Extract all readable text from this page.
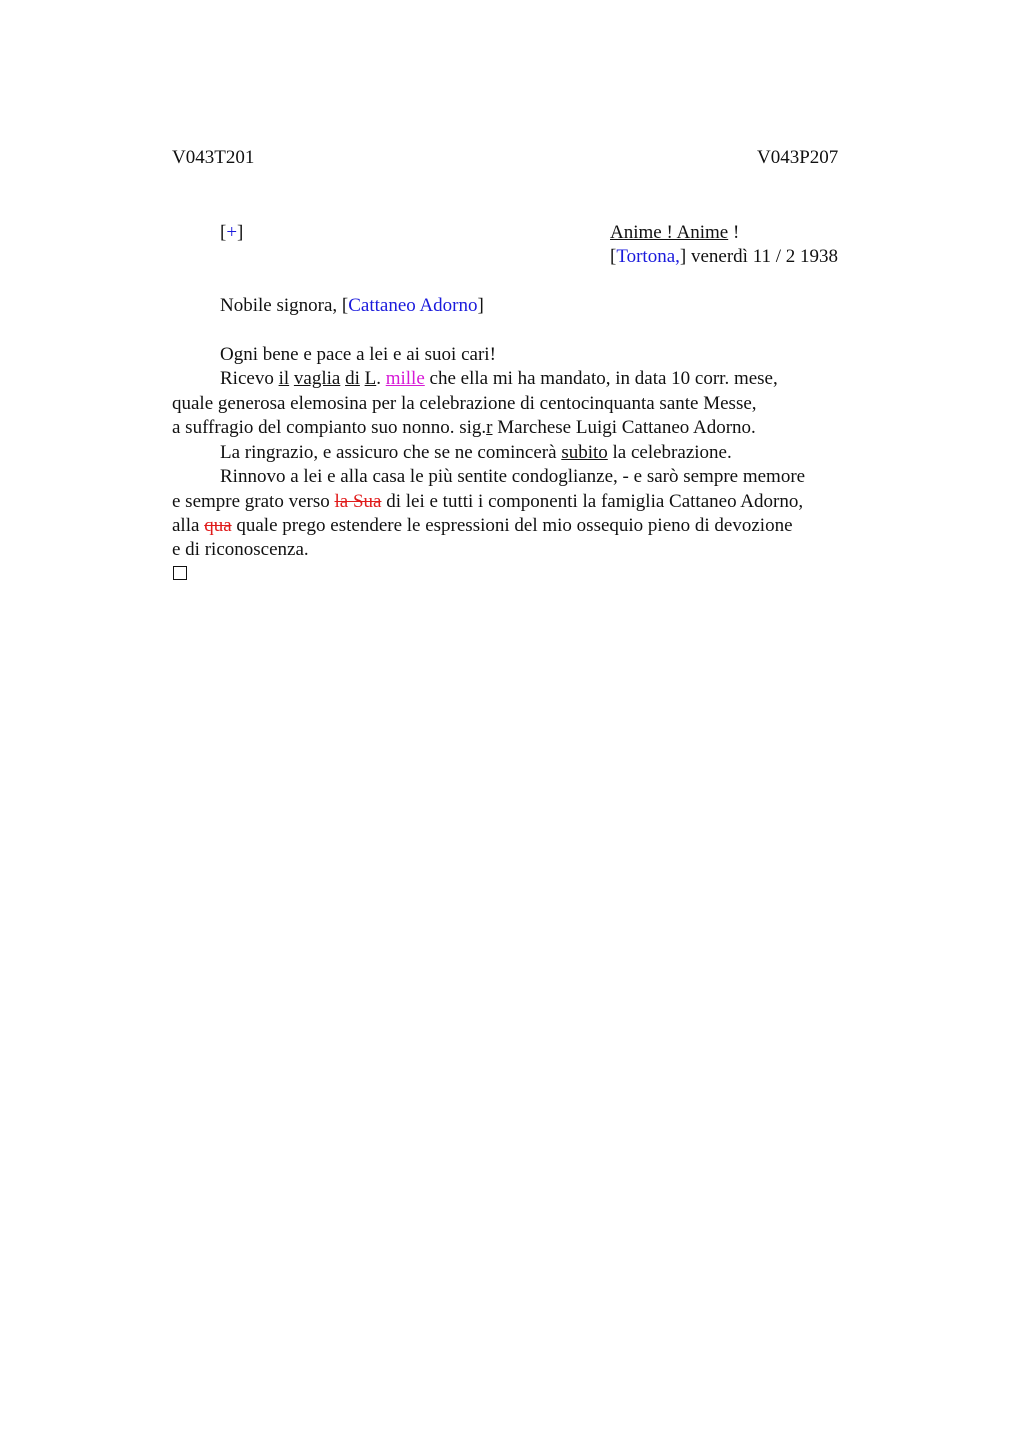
V043T201	V043P207
[+]	Anime ! Anime !
[Tortona,] venerdì 11 / 2 1938
Nobile signora, [Cattaneo Adorno]
Ogni bene e pace a lei e ai suoi cari!
Ricevo il vaglia di L. mille che ella mi ha mandato, in data 10 corr. mese,
quale generosa elemosina per la celebrazione di centocinquanta sante Messe,
a suffragio del compianto suo nonno. sig.r Marchese Luigi Cattaneo Adorno.
La ringrazio, e assicuro che se ne comincerà subito la celebrazione.
Rinnovo a lei e alla casa le più sentite condoglianze, - e sarò sempre memore
e sempre grato verso la Sua di lei e tutti i componenti la famiglia Cattaneo Adorno,
alla qua quale prego estendere le espressioni del mio ossequio pieno di devozione
e di riconoscenza.
